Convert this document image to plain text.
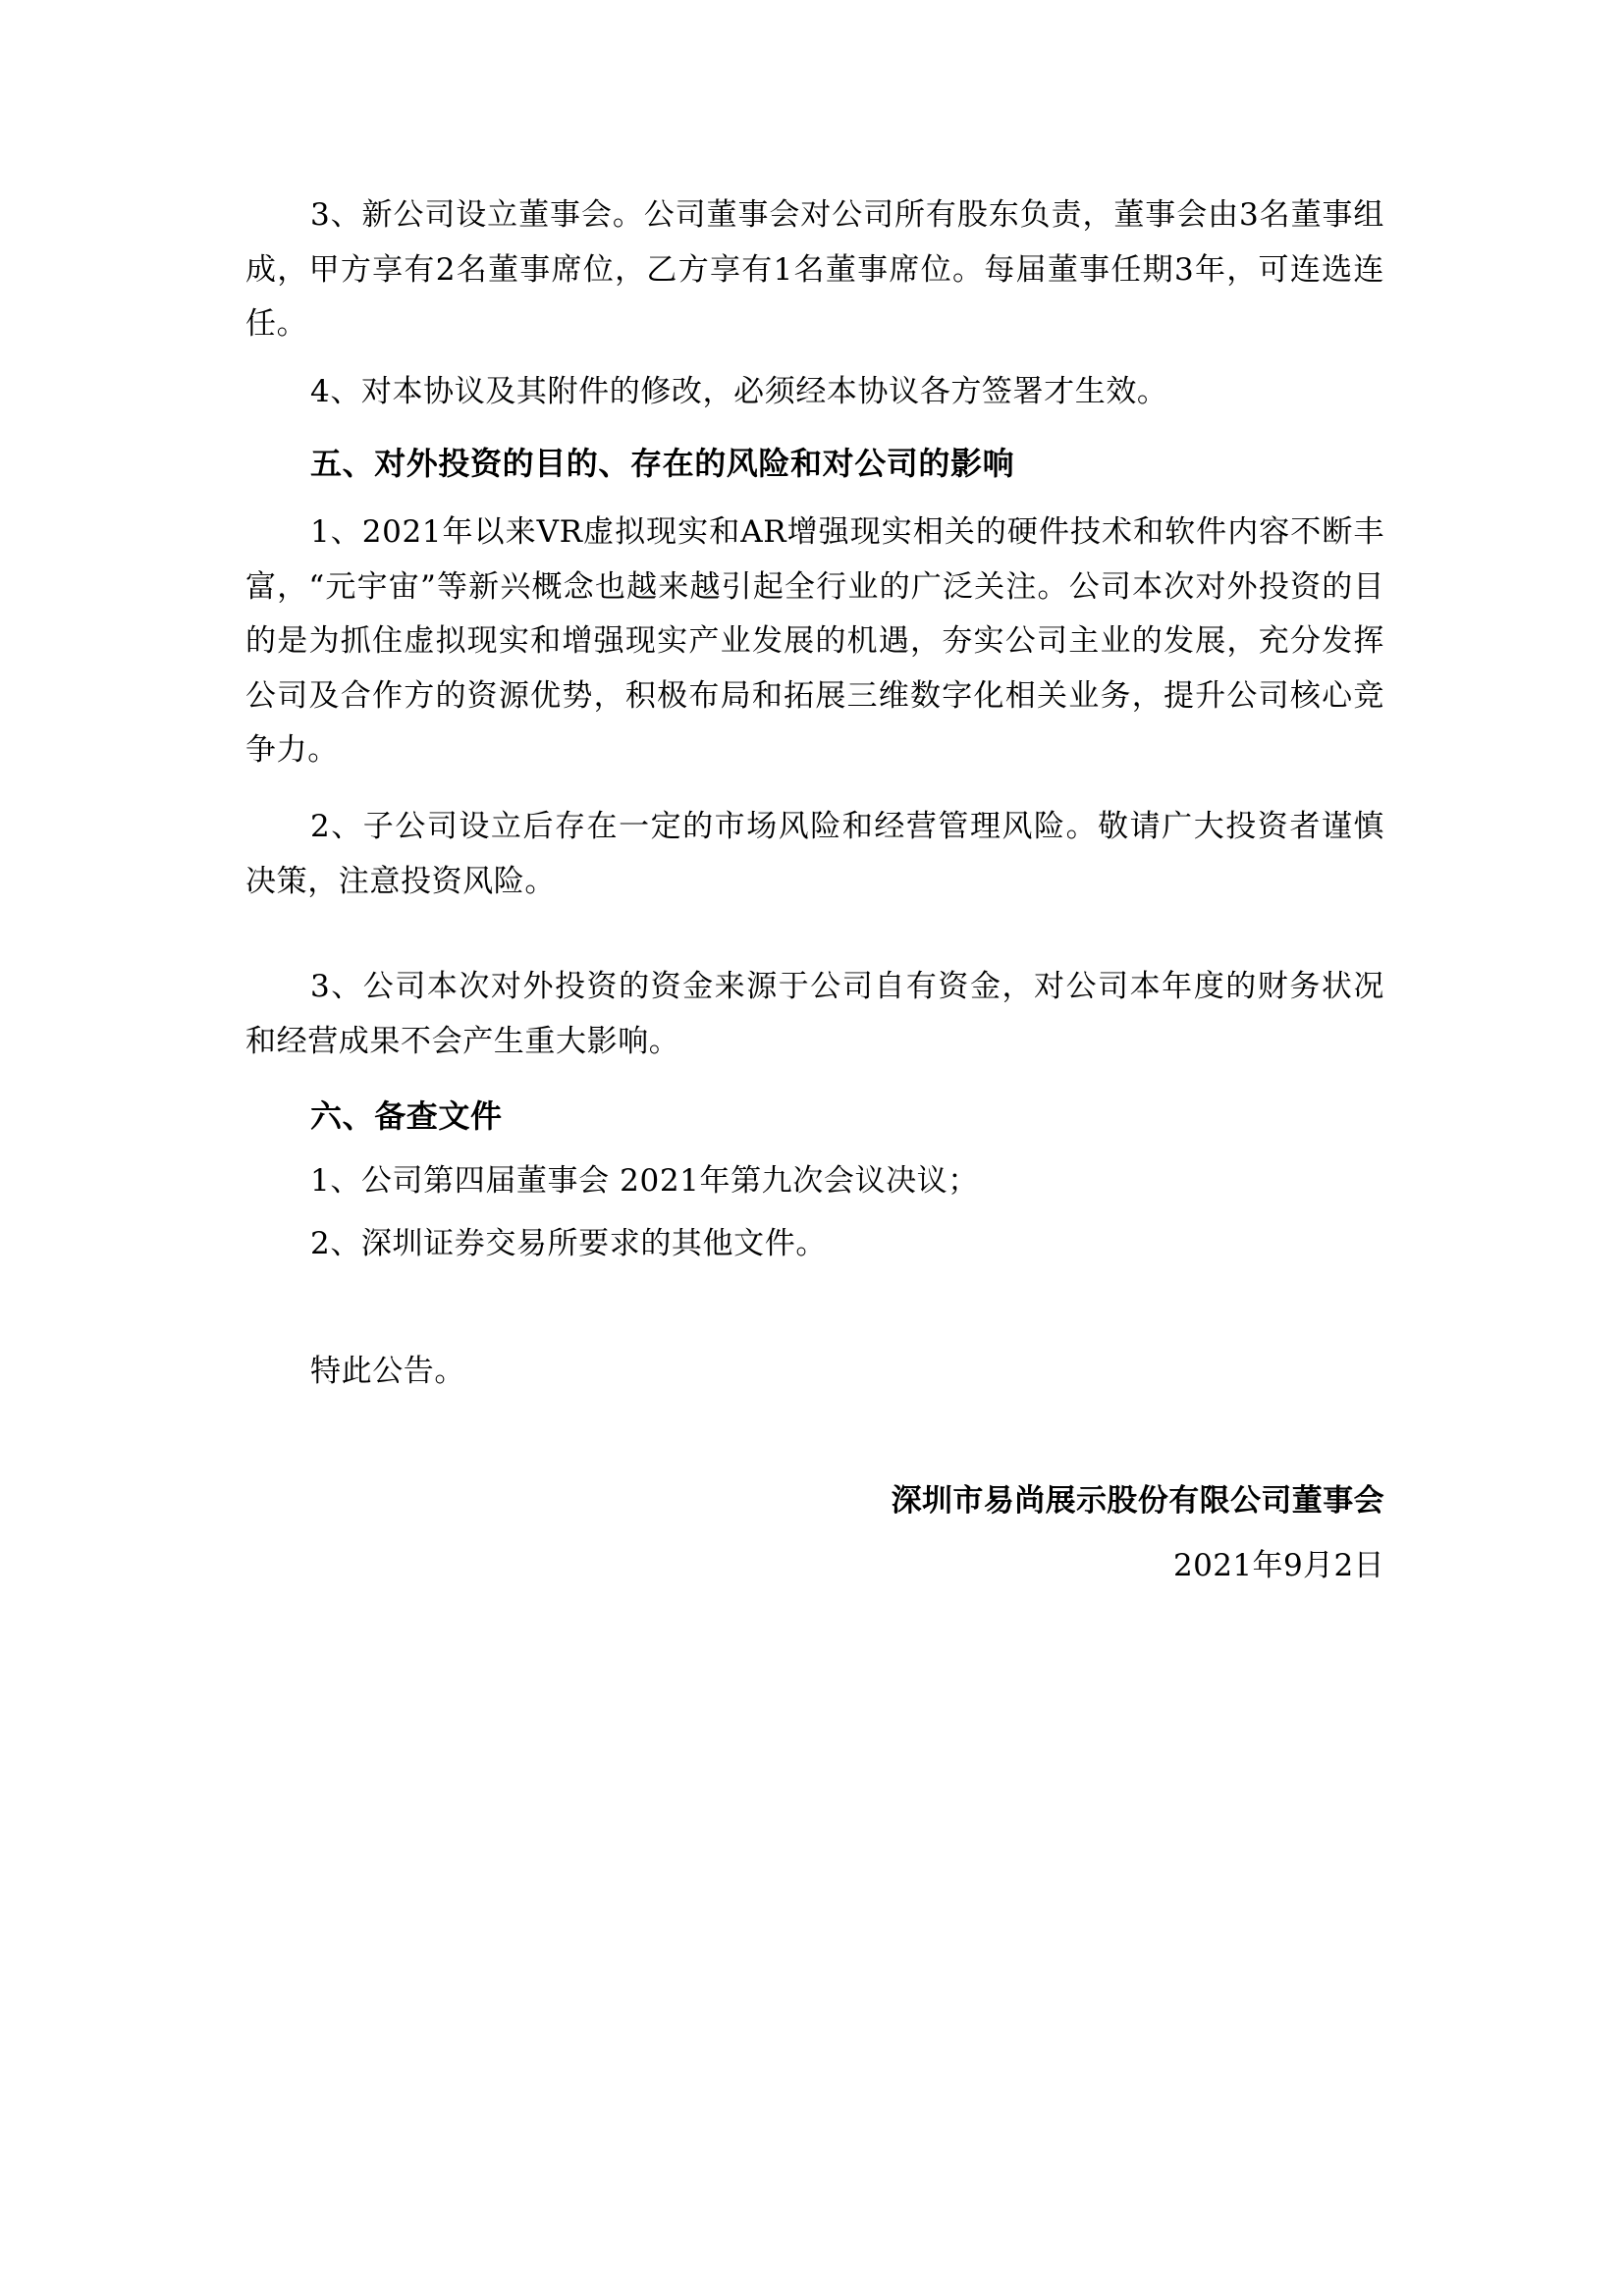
3、新公司设立董事会。公司董事会对公司所有股东负责，董事会由3名董事组成，甲方享有2名董事席位，乙方享有1名董事席位。每届董事任期3年，可连选连任。

4、对本协议及其附件的修改，必须经本协议各方签署才生效。

五、对外投资的目的、存在的风险和对公司的影响

1、2021年以来VR虚拟现实和AR增强现实相关的硬件技术和软件内容不断丰富，“元宇宙”等新兴概念也越来越引起全行业的广泛关注。公司本次对外投资的目的是为抓住虚拟现实和增强现实产业发展的机遇，夯实公司主业的发展，充分发挥公司及合作方的资源优势，积极布局和拓展三维数字化相关业务，提升公司核心竞争力。

2、子公司设立后存在一定的市场风险和经营管理风险。敬请广大投资者谨慎决策，注意投资风险。

3、公司本次对外投资的资金来源于公司自有资金，对公司本年度的财务状况和经营成果不会产生重大影响。

六、备查文件

1、公司第四届董事会 2021年第九次会议决议；

2、深圳证券交易所要求的其他文件。

特此公告。

深圳市易尚展示股份有限公司董事会

2021年9月2日
